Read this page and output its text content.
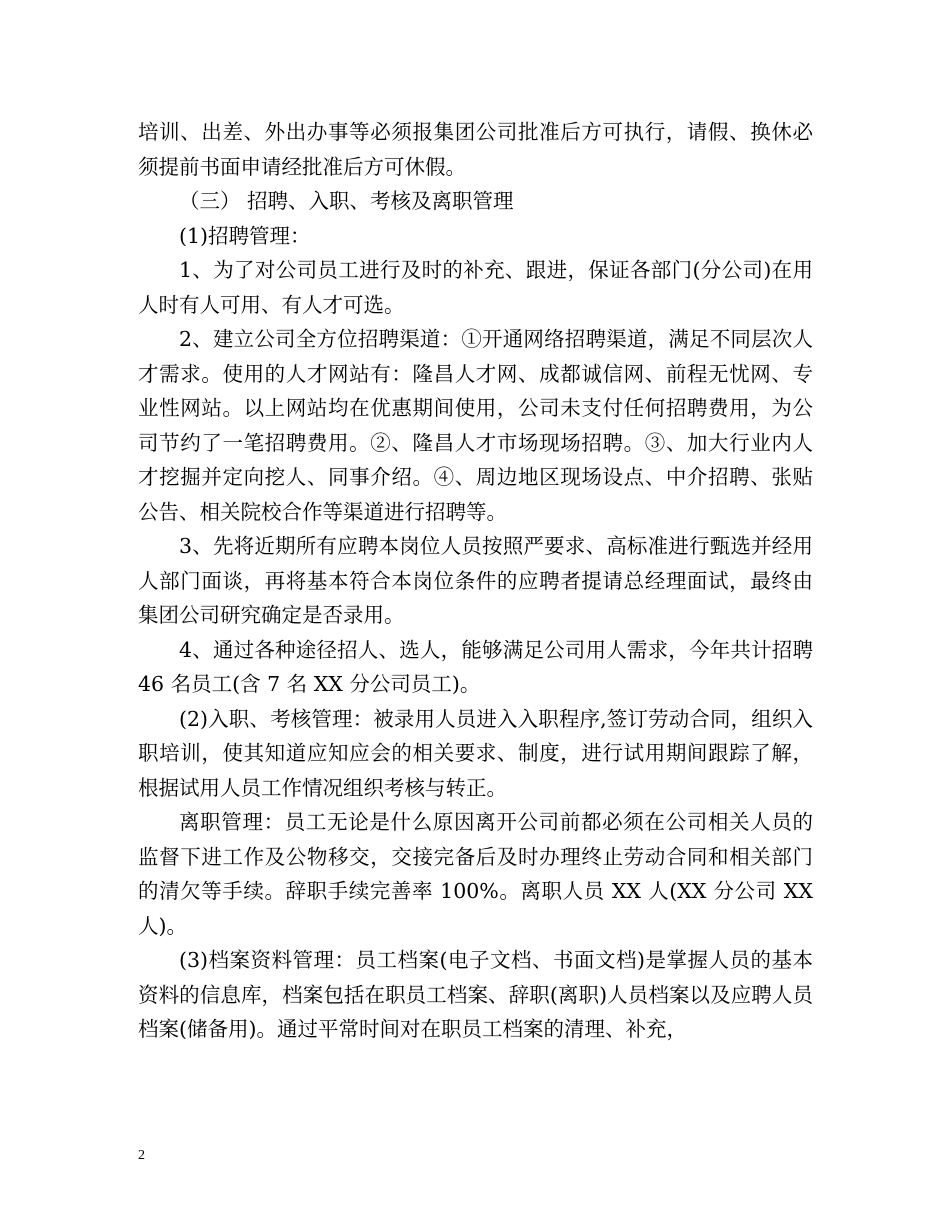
培训、出差、外出办事等必须报集团公司批准后方可执行，请假、换休必须提前书面申请经批准后方可休假。

（三） 招聘、入职、考核及离职管理

(1)招聘管理：

1、为了对公司员工进行及时的补充、跟进，保证各部门(分公司)在用人时有人可用、有人才可选。

2、建立公司全方位招聘渠道：①开通网络招聘渠道，满足不同层次人才需求。使用的人才网站有：隆昌人才网、成都诚信网、前程无忧网、专业性网站。以上网站均在优惠期间使用，公司未支付任何招聘费用，为公司节约了一笔招聘费用。②、隆昌人才市场现场招聘。③、加大行业内人才挖掘并定向挖人、同事介绍。④、周边地区现场设点、中介招聘、张贴公告、相关院校合作等渠道进行招聘等。

3、先将近期所有应聘本岗位人员按照严要求、高标准进行甄选并经用人部门面谈，再将基本符合本岗位条件的应聘者提请总经理面试，最终由集团公司研究确定是否录用。

4、通过各种途径招人、选人，能够满足公司用人需求，今年共计招聘 46 名员工(含 7 名 XX 分公司员工)。

(2)入职、考核管理：被录用人员进入入职程序,签订劳动合同，组织入职培训，使其知道应知应会的相关要求、制度，进行试用期间跟踪了解，根据试用人员工作情况组织考核与转正。

离职管理：员工无论是什么原因离开公司前都必须在公司相关人员的监督下进工作及公物移交，交接完备后及时办理终止劳动合同和相关部门的清欠等手续。辞职手续完善率 100%。离职人员 XX 人(XX 分公司 XX 人)。

(3)档案资料管理：员工档案(电子文档、书面文档)是掌握人员的基本资料的信息库，档案包括在职员工档案、辞职(离职)人员档案以及应聘人员档案(储备用)。通过平常时间对在职员工档案的清理、补充，

2
